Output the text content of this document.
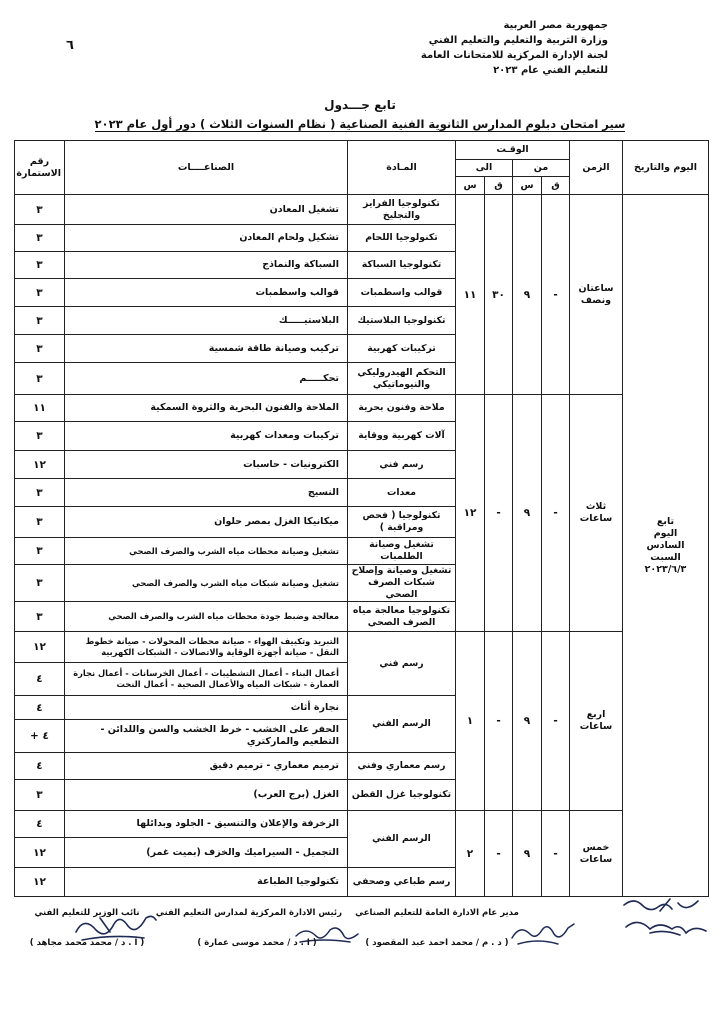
٦
جمهورية مصر العربية
وزارة التربية والتعليم والتعليم الفني
لجنة الإدارة المركزية للامتحانات العامة
للتعليم الفني عام ٢٠٢٣
تابع جـــدول
سير امتحان دبلوم المدارس الثانوية الفنية الصناعية ( نظام السنوات الثلاث ) دور أول عام ٢٠٢٣
اليوم والتاريخ	الزمن	الوقـت				المـادة	الصناعــــات	رقم الاستمارة
		من		الى				
		ق	س	ق	س			

تابع
اليوم
السادس
السبت
٢٠٢٣/٦/٣	ساعتان ونصف	-	٩	٣٠	١١	تكنولوجيا الفرايز والتجليخ	تشغيل المعادن	٣
						تكنولوجيا اللحام	تشكيل ولحام المعادن	٣
						تكنولوجيا السباكة	السباكة والنماذج	٣
						قوالب واسطمبات	قوالب واسطمبات	٣
						تكنولوجيا البلاستيك	البلاستيـــــك	٣
						تركيبات كهربية	تركيب وصيانة طاقة شمسية	٣
						التحكم الهيدروليكي والنيوماتيكي	تحكـــــم	٣
	ثلاث ساعات	-	٩	-	١٢	ملاحة وفنون بحرية	الملاحة والفنون البحرية والثروة السمكية	١١
						آلات كهربية ووقاية	تركيبات ومعدات كهربية	٣
						رسم فني	الكترونيات - حاسبات	١٢
						معدات	النسيج	٣
						تكنولوجيا ( فحص ومراقبة )	ميكانيكا الغزل بمصر حلوان	٣
						تشغيل وصيانة الطلمبات	تشغيل وصيانة محطات مياه الشرب والصرف الصحي	٣
						تشغيل وصيانة وإصلاح شبكات الصرف الصحي	تشغيل وصيانة شبكات مياه الشرب والصرف الصحي	٣
						تكنولوجيا معالجة مياه الصرف الصحي	معالجة وضبط جودة محطات مياه الشرب والصرف الصحي	٣
	اربع ساعات	-	٩	-	١	رسم فني	التبريد وتكييف الهواء - صيانة محطات المحولات - صيانة خطوط النقل - صيانة أجهزة الوقاية والاتصالات - الشبكات الكهربية	١٢
							أعمال البناء - أعمال التشطيبات - أعمال الخرسانات - أعمال نجارة العمارة - شبكات المياه والأعمال الصحية - أعمال النحت	٤
						الرسم الفني	نجارة أثاث	٤
							الحفر على الخشب - خرط الخشب والسن واللدائن - التطعيم والماركتري	٤ +
						رسم معماري وفني	ترميم معماري - ترميم دقيق	٤
						تكنولوجيا غزل القطن	الغزل (برج العرب)	٣
	خمس ساعات	-	٩	-	٢	الرسم الفني	الزخرفة والإعلان والتنسيق - الجلود وبدائلها	٤
							التجميل - السيراميك والخزف (بميت غمر)	١٢
						رسم طباعي وصحفي	تكنولوجيا الطباعة	١٢
مدير عام الادارة العامة للتعليم الصناعي
( د . م / محمد احمد عبد المقصود )
رئيس الادارة المركزية لمدارس التعليم الفني
( ا . د / محمد موسى عمارة )
نائب الوزير للتعليم الفني
( ا . د / محمد محمد مجاهد )
